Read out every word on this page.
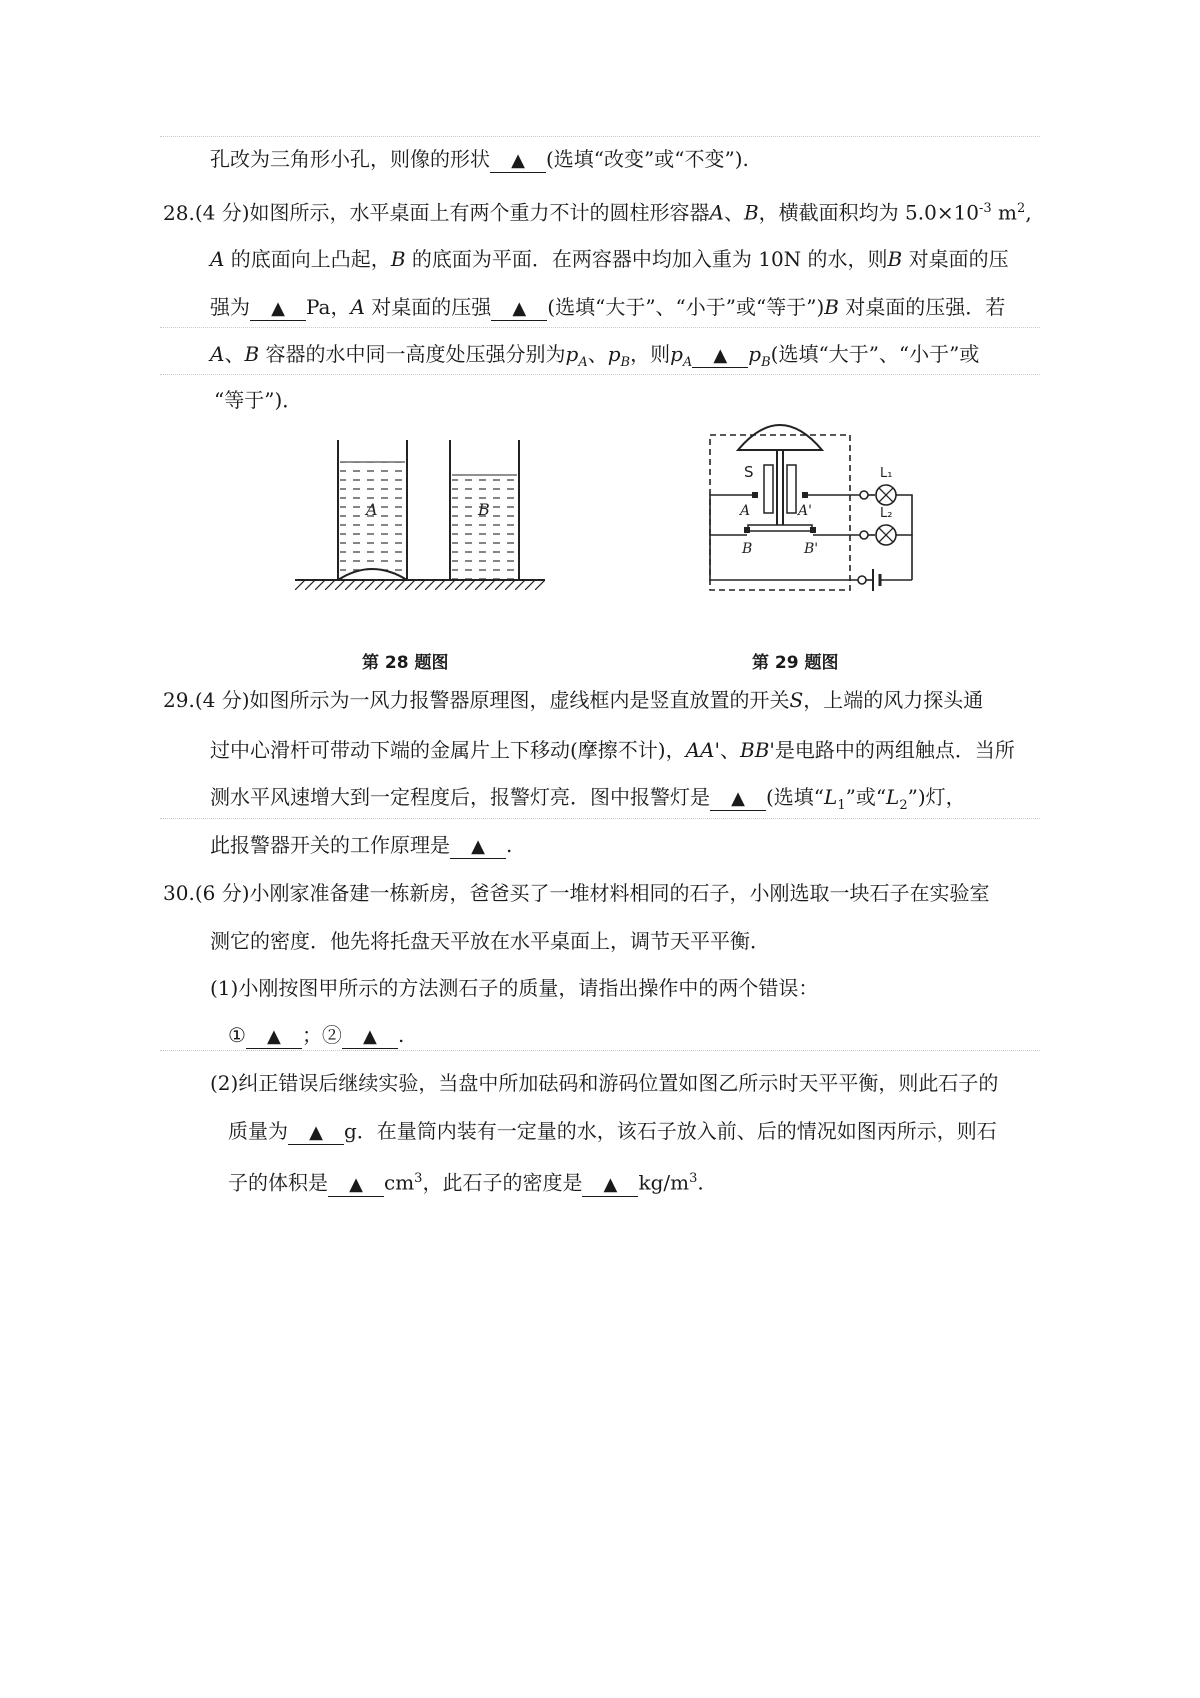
孔改为三角形小孔，则像的形状 ▲ (选填“改变”或“不变”).
28.(4 分)如图所示，水平桌面上有两个重力不计的圆柱形容器A、B，横截面积均为 $5.0\times 10^{-3}$ $m^2$,
A 的底面向上凸起，B 的底面为平面．在两容器中均加入重为 10N 的水，则B 对桌面的压
强为 ▲ Pa，A 对桌面的压强 ▲ (选填“大于”、“小于”或“等于”)B 对桌面的压强．若
A、B 容器的水中同一高度处压强分别为$p_A$、$p_B$，则$p_A$ ▲ $p_B$(选填“大于”、“小于”或
“等于”)．
A	B
S
A	A'
B	B'
L₁
L₂
第 28 题图	第 29 题图
29.(4 分)如图所示为一风力报警器原理图，虚线框内是竖直放置的开关S，上端的风力探头通
过中心滑杆可带动下端的金属片上下移动(摩擦不计)，AA'、BB'是电路中的两组触点．当所
测水平风速增大到一定程度后，报警灯亮．图中报警灯是 ▲ (选填“$L_1$”或“$L_2$”)灯，
此报警器开关的工作原理是 ▲ .
30.(6 分)小刚家准备建一栋新房，爸爸买了一堆材料相同的石子，小刚选取一块石子在实验室
测它的密度．他先将托盘天平放在水平桌面上，调节天平平衡．
(1)小刚按图甲所示的方法测石子的质量，请指出操作中的两个错误：
① ▲ ；② ▲ .
(2)纠正错误后继续实验，当盘中所加砝码和游码位置如图乙所示时天平平衡，则此石子的
质量为 ▲ g．在量筒内装有一定量的水，该石子放入前、后的情况如图丙所示，则石
子的体积是 ▲ $cm^3$，此石子的密度是 ▲ $kg/m^3$.
